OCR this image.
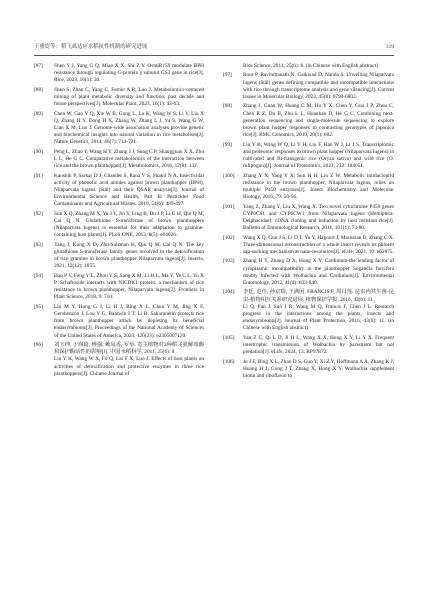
王雅霓等：稻飞虱适应水稻抗性机制的研究进展	319
[87] Shen Y J, Yang G Q, Miao X X, Shi Z Y. OsmiR159 modulate BPH resistance through regulating G-protein γ subunit GS3 gene in rice[J]. Rice, 2023, 16(1): 30.
[88] Shen S, Zhan C, Yang C, Fernie A R, Luo J. Metabolomics-centered mining of plant metabolic diversity and function: past decade and future perspectives[J]. Molecular Plant, 2023, 16(1): 43-63.
[89] Chen W, Gao Y Q, Xie W B, Gong L, Lu K, Wang W S, Li Y, Liu X Q, Zhang H Y, Dong H X, Zhang W, Zhang L J, Yu S, Wang G W, Lian X M, Luo J. Genome-wide association analyses provide genetic and biochemical insights into natural variation in rice metabolism[J]. Nature Genetics, 2014, 46(7): 714-721.
[90] Peng L, Zhao Y, Wang H Y, Zhang J J, Song C P, Shangguan X X, Zhu L L, He G C. Comparative metabolomics of the interaction between rice and the brown planthopper[J]. Metabolomics, 2016, 12(8): 132.
[91] Kaushik P, Sarkar D J, Chander S, Rana V S, Shakil N A. Insecticidal activity of phenolic acid amides against brown planthopper (BPH), Nilaparvata lugens (Stål) and their QSAR analysis[J]. Journal of Environmental Science and Health, Part B: Pesticides Food Contaminants and Agricultural Wastes, 2019, 54(6): 489-497.
[92] Sun X Q, Zhang M X, Yu J Y, Jin Y, Ling B, Du J P, Li G H, Qin Q M, Cai Q N. Glutathione S-transferase of brown planthoppers (Nilaparvata lugens) is essential for their adaptation to gramine-containing host plants[J]. PLoS ONE, 2013, 8(5): e64026.
[93] Yang J, Kong X D, Zhu-Salzman K, Qin Q M, Cai Q N. The key glutathione S-transferase family genes involved in the detoxification of rice gramine in brown planthopper Nilaparvata lugens[J]. Insects, 2021, 12(12): 1055.
[94] Hao P Y, Feng Y L, Zhou Y S, Song X M, Li H L, Ma Y, Ye C L, Yu X P. Schaftoside interacts with NICDK1 protein: a mechanism of rice resistance to brown planthopper, Nilaparvata lugens[J]. Frontiers in Plant Science, 2018, 9: 710.
[95] Liu M Y, Hong G J, Li H J, Bing X L, Chen Y M, Jing X F, Gershenzon J, Lou Y G, Baldwin I T, Li R. Sakuranetin protects rice from brown planthopper attack by depleting its beneficial endosymbionts[J]. Proceedings of the National Academy of Sciences of the United States of America, 2023, 120(23): e2305007120.
[96] 刘玉坤, 于润琦, 傅强, 赖凤香, 罗举. 寄主植物对3种稻飞虱解毒酶和保护酶活性的影响[J]. 中国水稻科学, 2011, 25(6): 8
Liu Y K, Wang W X, Fu Q, Lai F X, Luo J. Effects of host plants on activities of detoxification and protective enzymes in three rice planthoppers[J]. Chinese Journal of
Rice Science, 2011, 25(6): 8. (in Chinese with English abstract)
[97] Rout P, Ravindranath N, Gaikwad D, Nanda S. Unveiling Nilaparvata lugens (Stål) genes defining compatible and incompatible interactions with rice through transcriptome analysis and gene silencing[J]. Current Issues in Molecular Biology, 2023, 45(8): 6790-6803.
[98] Zhang J, Guan W, Huang C M, Hu Y X, Chen Y, Guo J P, Zhou C, Chen R Z, Du B, Zhu L L, Huanhan D, He G C. Combining next-generation sequencing and single-molecule sequencing to explore brown plant hopper responses to contrasting genotypes of japonica rice[J]. BMC Genomics, 2019, 20(1): 682.
[99] Liu Y B, Wang W Q, Li Y H, Liu F, Han W J, Li J S. Transcriptomic and proteomic responses to brown plant hopper (Nilaparvata lugens) in cultivated and Bt-transgenic rice (Oryza sativa) and wild rice (O. rufipogon)[J]. Journal of Proteomics, 2021, 232: 104051.
[100] Zhang Y X, Yang Y X, Sun H H, Liu Z W. Metabolic imidacloprid resistance in the brown planthopper, Nilaparvata lugens, relies on multiple P450 enzymes[J]. Insect Biochemistry and Molecular Biology, 2016, 79: 50-56.
[101] Yang Z, Zhang Y, Liu X, Wang X. Two novel cytochrome P450 genes CYP6CS1 and CYP6CW1 from Nilaparvata lugens (Hemiptera: Delphacidae): cDNA cloning and induction by host resistant rice[J]. Bulletin of Entomological Research, 2011, 101(1): 73-80.
[102] Wang X Q, Guo J S, Li D T, Yu Y, Hagoort J, Moussian B, Zhang C X. Three-dimensional reconstruction of a whole insect reveals its phloem sap-sucking mechanism at nano-resolution[J]. eLife, 2021, 10: e62875.
[103] Zhang H Y, Zhang D X, Hong X Y. Cardinium-the leading factor of cytoplasmic incompatibility in the planthopper Sogatella furcifera doubly infected with Wolbachia and Cardinium[J]. Environmental Entomology, 2012, 41(4): 833-840.
[104] 李廷, 范佳, 孙京瑞, 王满困, FRANCIS F, 周目莲. 昆虫内共生菌-昆虫-植物相互关系研究进展. 植物保护学报, 2016, 43(6): 11.
Li Q, Fan J, Sun J R, Wang M Q, Francis F, Chen J L. Research progress in the interactions among the plants, insects and endosymbionts[J]. Journal of Plant Protection, 2016, 43(6): 11. (in Chinese with English abstract)
[105] Yan Z C, Qi L D, Ji H L, Wang X X, Hong X Y, Li Y X. Frequent intertrophic transmission of Wolbachia by parasitism but not predation[J]. eLife, 2024, 13: RP97872.
[106] Ju J F, Bing X L, Zhao D S, Guo Y, Xi Z Y, Hoffmann A A, Zhang K J, Huang H J, Gong J T, Zhang X, Hong X Y. Wolbachia supplement biotin and riboflavin to
